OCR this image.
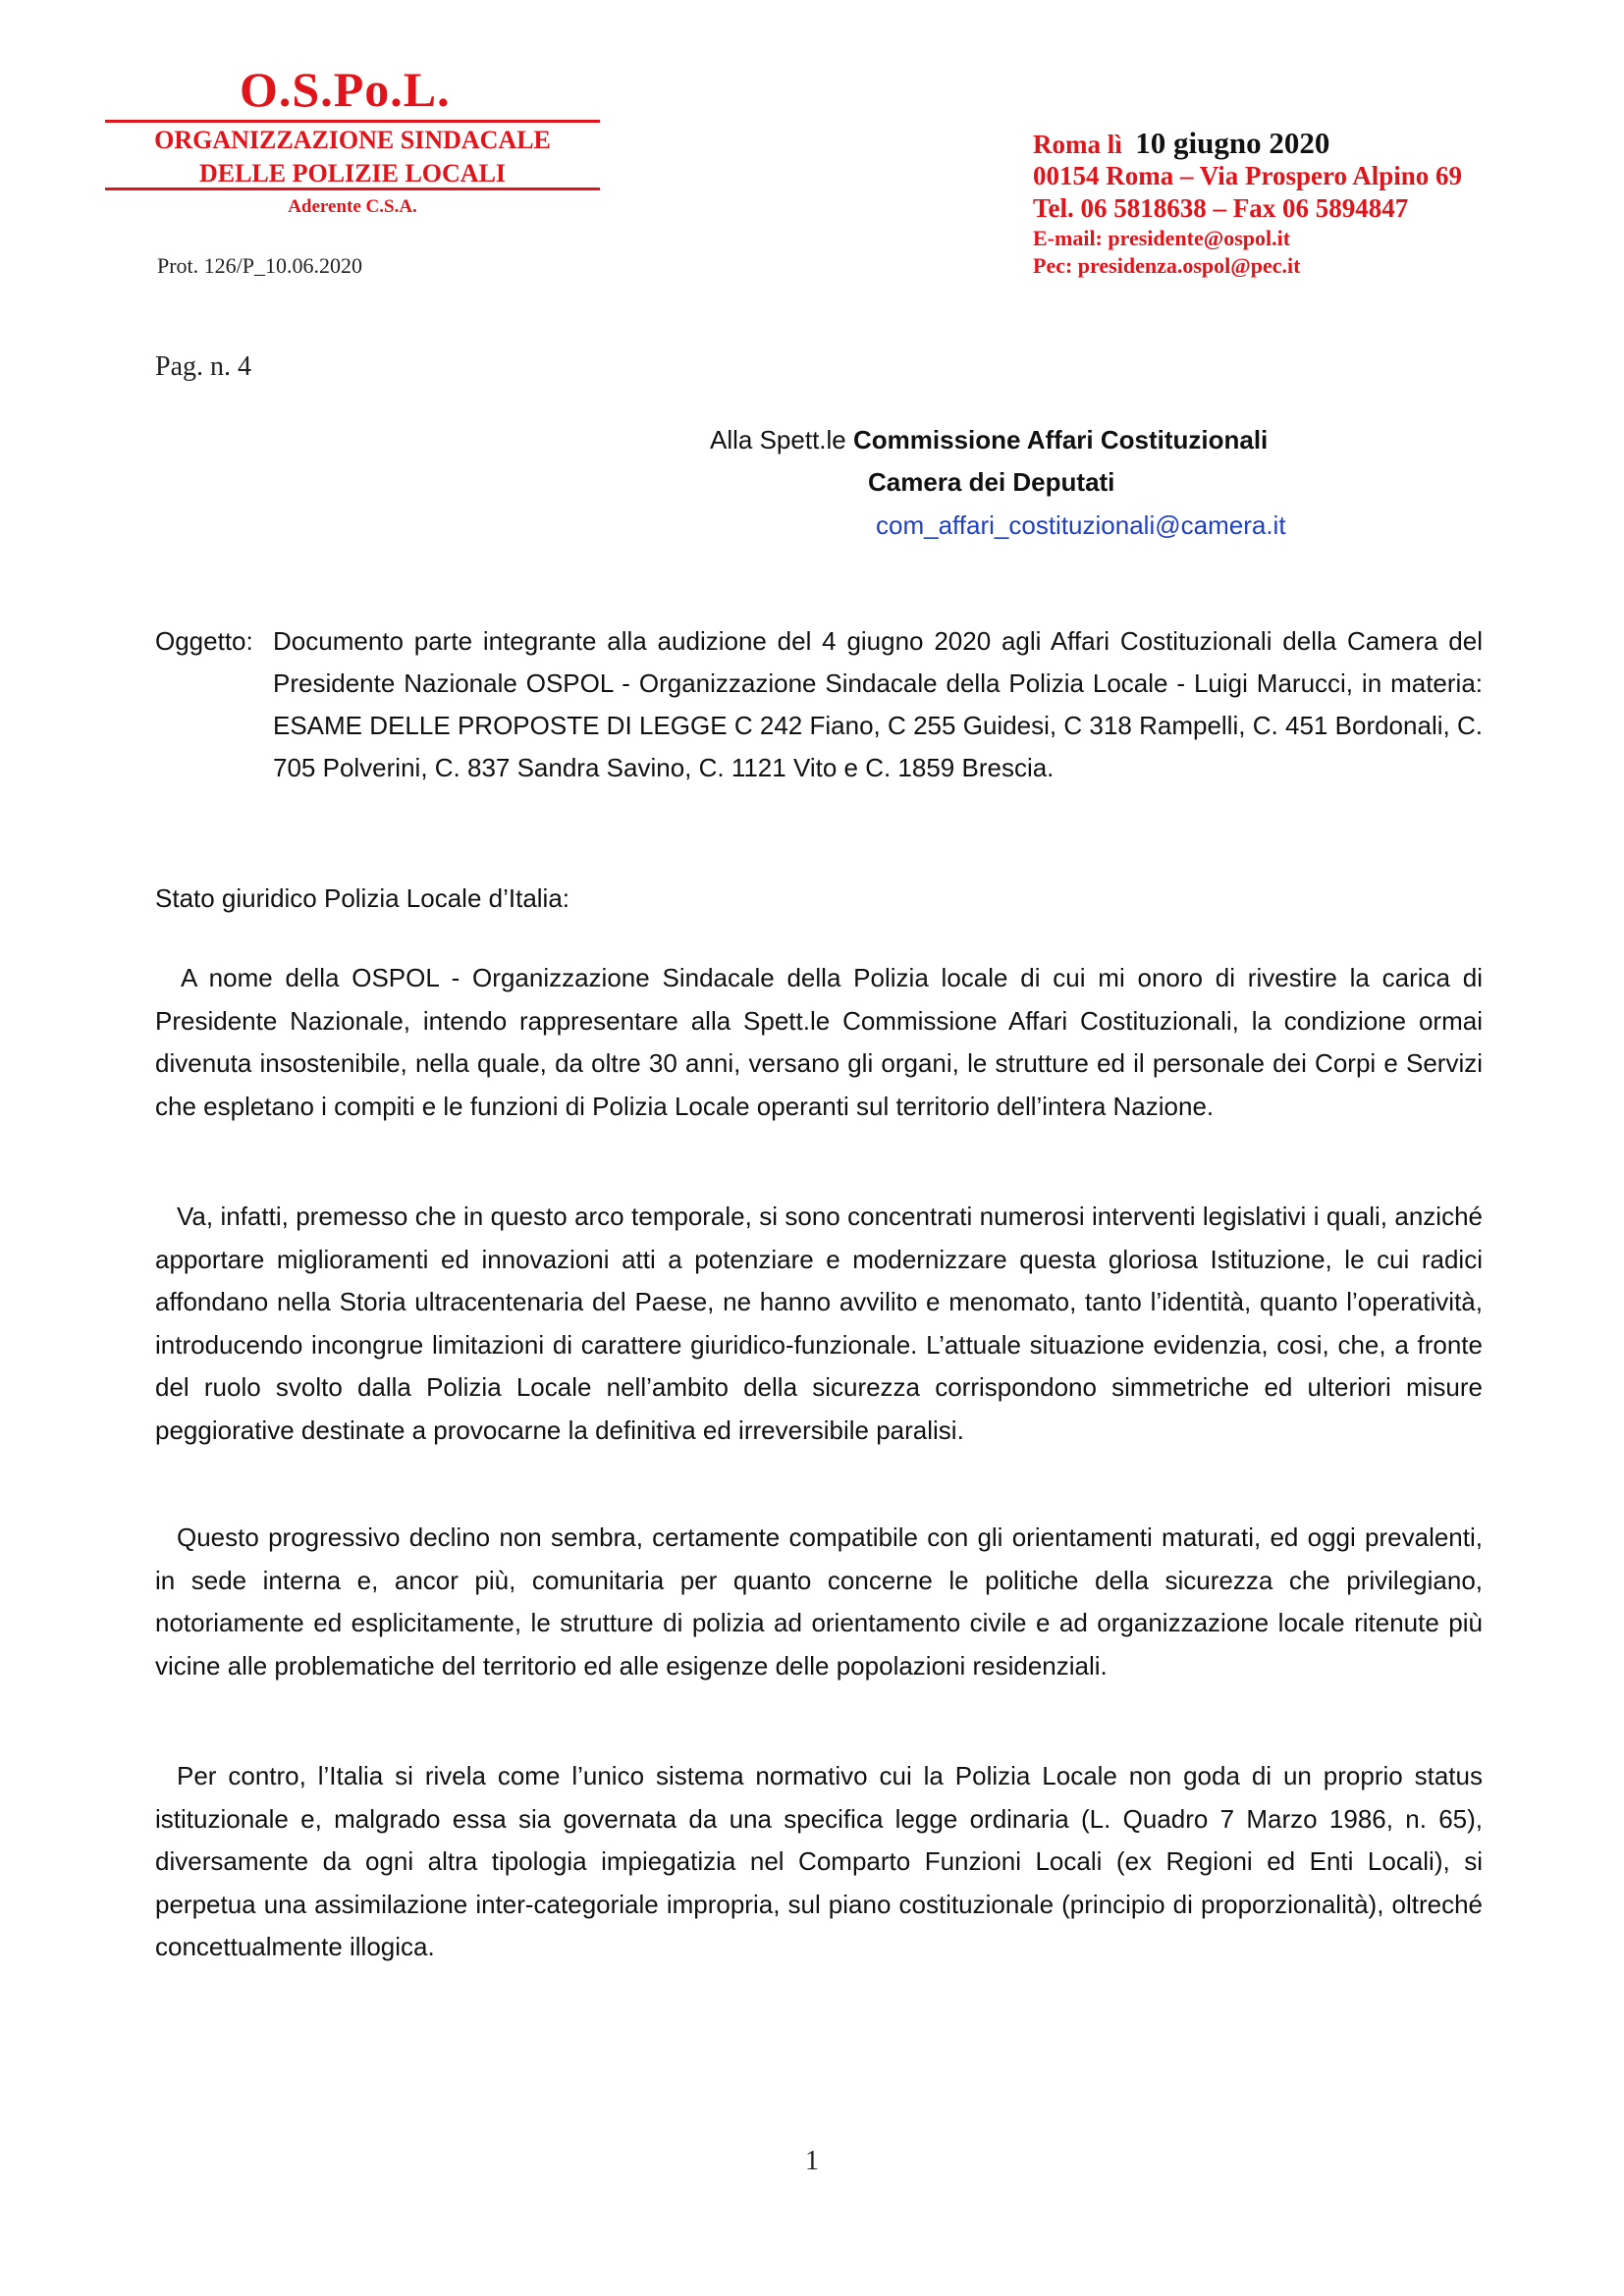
O.S.Po.L.
ORGANIZZAZIONE SINDACALE
DELLE POLIZIE LOCALI
Aderente C.S.A.
Prot. 126/P_10.06.2020
Roma lì 10 giugno 2020
00154 Roma – Via Prospero Alpino 69
Tel. 06 5818638 – Fax 06 5894847
E-mail: presidente@ospol.it
Pec: presidenza.ospol@pec.it
Pag. n. 4
Alla Spett.le Commissione Affari Costituzionali
Camera dei Deputati
com_affari_costituzionali@camera.it
Oggetto: Documento parte integrante alla audizione del 4 giugno 2020 agli Affari Costituzionali della Camera del Presidente Nazionale OSPOL - Organizzazione Sindacale della Polizia Locale - Luigi Marucci, in materia: ESAME DELLE PROPOSTE DI LEGGE C 242 Fiano, C 255 Guidesi, C 318 Rampelli, C. 451 Bordonali, C. 705 Polverini, C. 837 Sandra Savino, C. 1121 Vito e C. 1859 Brescia.
Stato giuridico Polizia Locale d’Italia:
A nome della OSPOL - Organizzazione Sindacale della Polizia locale di cui mi onoro di rivestire la carica di Presidente Nazionale, intendo rappresentare alla Spett.le Commissione Affari Costituzionali, la condizione ormai divenuta insostenibile, nella quale, da oltre 30 anni, versano gli organi, le strutture ed il personale dei Corpi e Servizi che espletano i compiti e le funzioni di Polizia Locale operanti sul territorio dell’intera Nazione.
Va, infatti, premesso che in questo arco temporale, si sono concentrati numerosi interventi legislativi i quali, anziché apportare miglioramenti ed innovazioni atti a potenziare e modernizzare questa gloriosa Istituzione, le cui radici affondano nella Storia ultracentenaria del Paese, ne hanno avvilito e menomato, tanto l’identità, quanto l’operatività, introducendo incongrue limitazioni di carattere giuridico-funzionale. L’attuale situazione evidenzia, cosi, che, a fronte del ruolo svolto dalla Polizia Locale nell’ambito della sicurezza corrispondono simmetriche ed ulteriori misure peggiorative destinate a provocarne la definitiva ed irreversibile paralisi.
Questo progressivo declino non sembra, certamente compatibile con gli orientamenti maturati, ed oggi prevalenti, in sede interna e, ancor più, comunitaria per quanto concerne le politiche della sicurezza che privilegiano, notoriamente ed esplicitamente, le strutture di polizia ad orientamento civile e ad organizzazione locale ritenute più vicine alle problematiche del territorio ed alle esigenze delle popolazioni residenziali.
Per contro, l’Italia si rivela come l’unico sistema normativo cui la Polizia Locale non goda di un proprio status istituzionale e, malgrado essa sia governata da una specifica legge ordinaria (L. Quadro 7 Marzo 1986, n. 65), diversamente da ogni altra tipologia impiegatizia nel Comparto Funzioni Locali (ex Regioni ed Enti Locali), si perpetua una assimilazione inter-categoriale impropria, sul piano costituzionale (principio di proporzionalità), oltreché concettualmente illogica.
1
